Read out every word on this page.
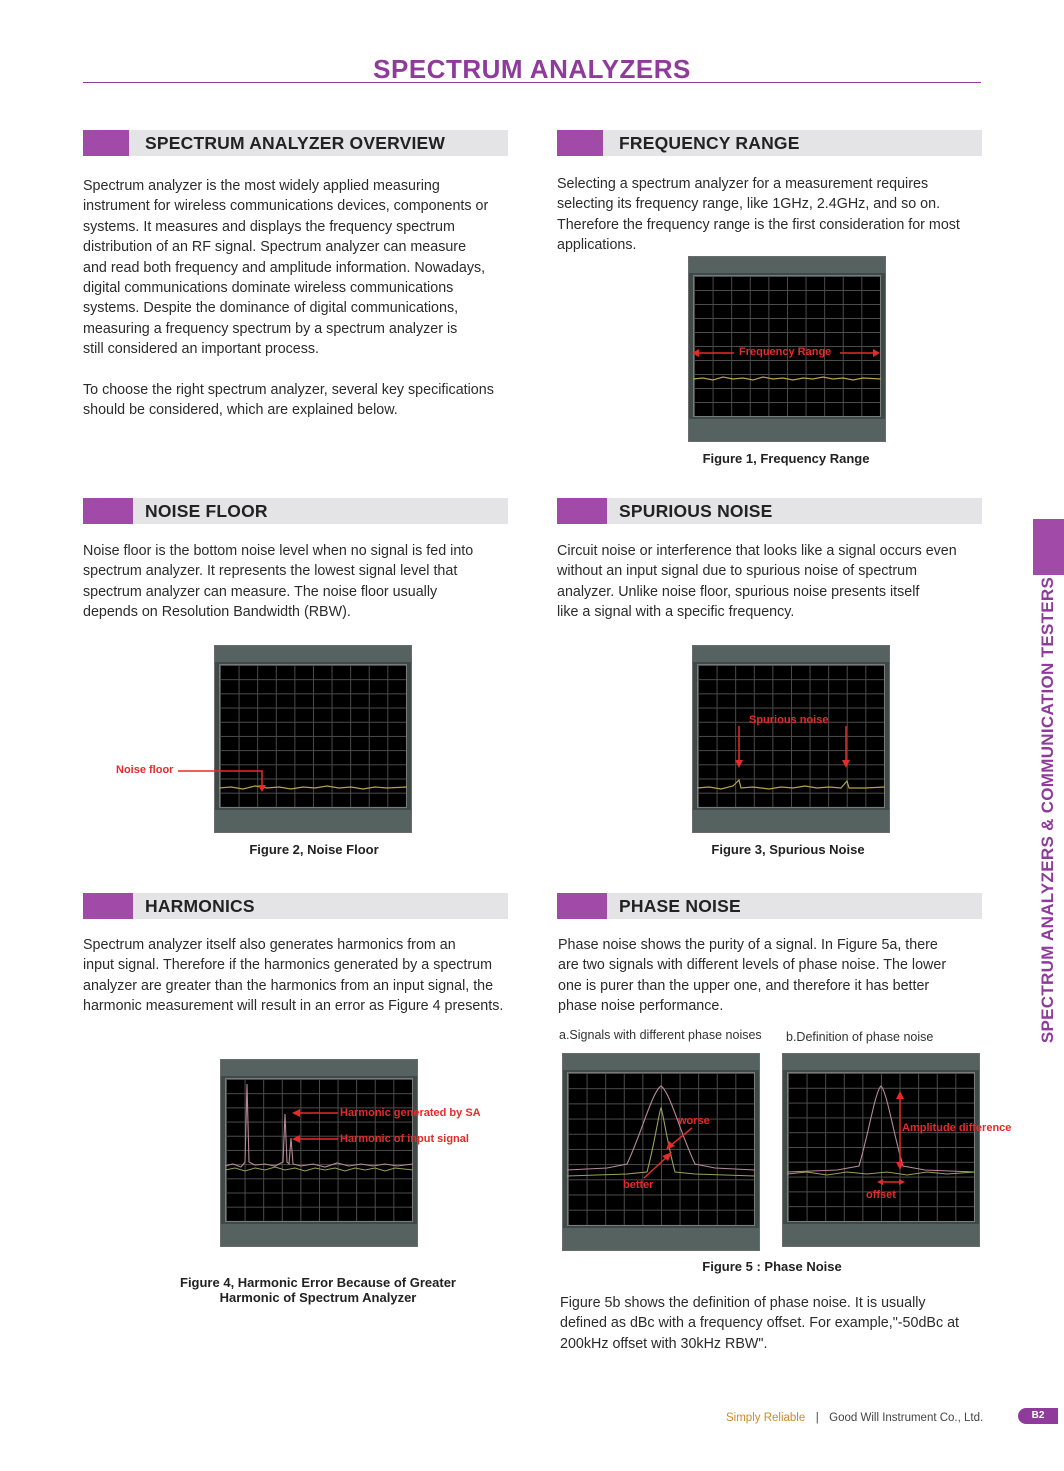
SPECTRUM ANALYZERS
SPECTRUM ANALYZER OVERVIEW
Spectrum analyzer is the most widely applied measuring
instrument for wireless communications devices, components or
systems. It measures and displays the frequency spectrum
distribution of an RF signal. Spectrum analyzer can measure
and read both frequency and amplitude information. Nowadays,
digital communications dominate wireless communications
systems. Despite the dominance of digital communications,
measuring a frequency spectrum by a spectrum analyzer is
still considered an important process.
To choose the right spectrum analyzer, several key specifications
should be considered, which are explained below.
FREQUENCY RANGE
Selecting a spectrum analyzer for a measurement requires
selecting its frequency range, like 1GHz, 2.4GHz, and so on.
Therefore the frequency range is the first consideration for most
applications.
Frequency Range
Figure 1, Frequency Range
NOISE FLOOR
Noise floor is the bottom noise level when no signal is fed into
spectrum analyzer. It represents the lowest signal level that
spectrum analyzer can measure. The noise floor usually
depends on Resolution Bandwidth (RBW).
Noise floor
Figure 2, Noise Floor
SPURIOUS NOISE
Circuit noise or interference that looks like a signal occurs even
without an input signal due to spurious noise of spectrum
analyzer. Unlike noise floor, spurious noise presents itself
like a signal with a specific frequency.
Spurious noise
Figure 3, Spurious Noise
HARMONICS
Spectrum analyzer itself also generates harmonics from an
input signal. Therefore if the harmonics generated by a spectrum
analyzer are greater than the harmonics from an input signal, the
harmonic measurement will result in an error as Figure 4 presents.
Harmonic generated by SA
Harmonic of input signal
Figure 4, Harmonic Error Because of Greater
Harmonic of Spectrum Analyzer
PHASE NOISE
Phase noise shows the purity of a signal. In Figure 5a, there
are two signals with different levels of phase noise. The lower
one is purer than the upper one, and therefore it has better
phase noise performance.
a.Signals with different phase noises b.Definition of phase noise
worse
better
Amplitude difference
offset
Figure 5 : Phase Noise
Figure 5b shows the definition of phase noise. It is usually
defined as dBc with a frequency offset. For example,"-50dBc at
200kHz offset with 30kHz RBW".
SPECTRUM ANALYZERS & COMMUNICATION TESTERS
Simply Reliable | Good Will Instrument Co., Ltd.	B2
